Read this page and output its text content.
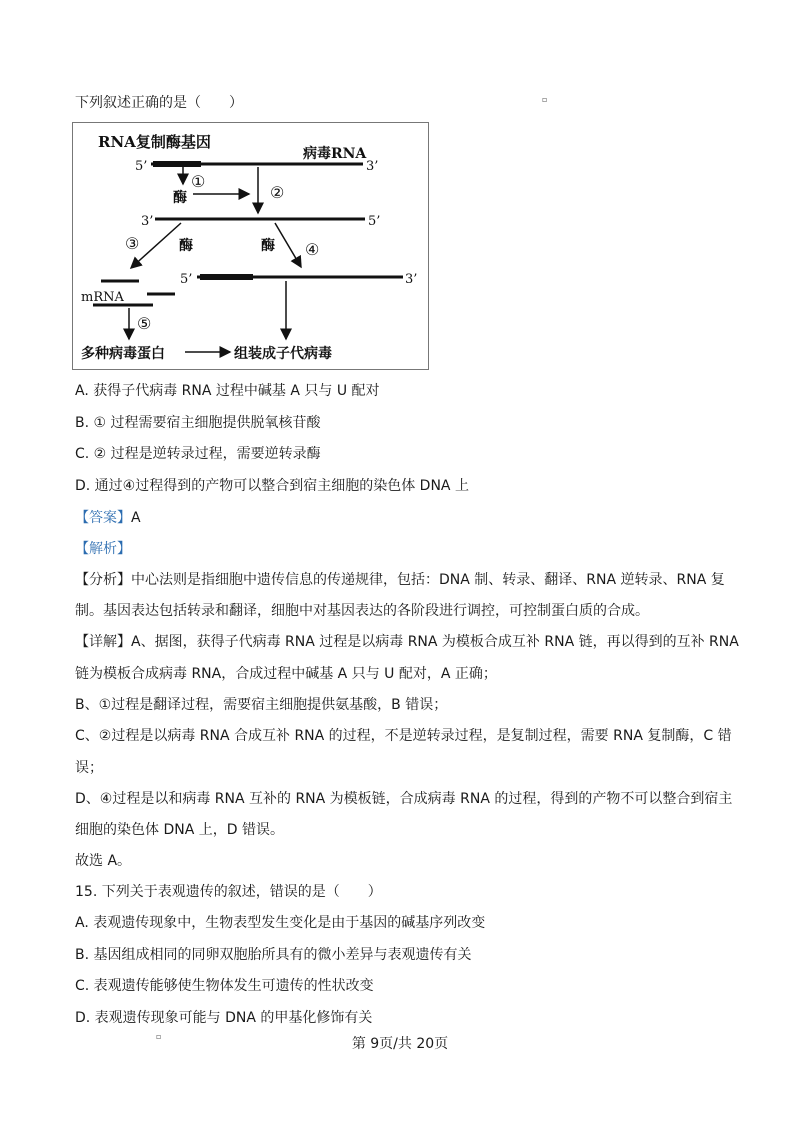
下列叙述正确的是（　　）	▫
RNA复制酶基因
病毒RNA
5’	3’
①
酶	②
3’	5’
③	酶	酶 ④
5’	3’
mRNA
⑤
多种病毒蛋白	组装成子代病毒
A. 获得子代病毒 RNA 过程中碱基 A 只与 U 配对
B. ① 过程需要宿主细胞提供脱氧核苷酸
C. ② 过程是逆转录过程，需要逆转录酶
D. 通过④过程得到的产物可以整合到宿主细胞的染色体 DNA 上
【答案】A
【解析】
【分析】中心法则是指细胞中遗传信息的传递规律，包括：DNA 制、转录、翻译、RNA 逆转录、RNA 复
制。基因表达包括转录和翻译，细胞中对基因表达的各阶段进行调控，可控制蛋白质的合成。
【详解】A、据图，获得子代病毒 RNA 过程是以病毒 RNA 为模板合成互补 RNA 链，再以得到的互补 RNA
链为模板合成病毒 RNA，合成过程中碱基 A 只与 U 配对，A 正确；
B、①过程是翻译过程，需要宿主细胞提供氨基酸，B 错误；
C、②过程是以病毒 RNA 合成互补 RNA 的过程，不是逆转录过程，是复制过程，需要 RNA 复制酶，C 错
误；
D、④过程是以和病毒 RNA 互补的 RNA 为模板链，合成病毒 RNA 的过程，得到的产物不可以整合到宿主
细胞的染色体 DNA 上，D 错误。
故选 A。
15. 下列关于表观遗传的叙述，错误的是（　　）
A. 表观遗传现象中，生物表型发生变化是由于基因的碱基序列改变
B. 基因组成相同的同卵双胞胎所具有的微小差异与表观遗传有关
C. 表观遗传能够使生物体发生可遗传的性状改变
D. 表观遗传现象可能与 DNA 的甲基化修饰有关
▫	第 9页/共 20页
